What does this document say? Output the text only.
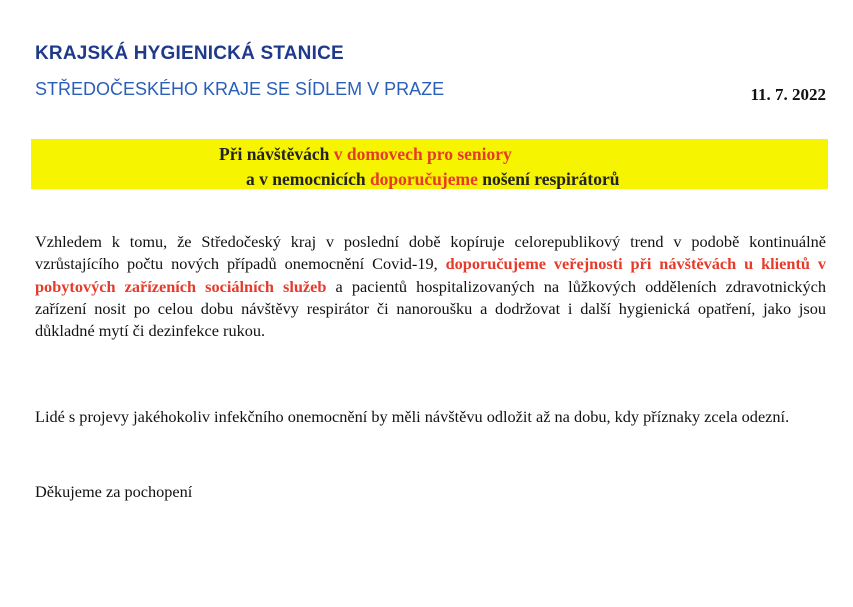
KRAJSKÁ HYGIENICKÁ STANICE

STŘEDOČESKÉHO KRAJE SE SÍDLEM V PRAZE	11. 7. 2022
Při návštěvách v domovech pro seniory
a v nemocnicích doporučujeme nošení respirátorů

Vzhledem k tomu, že Středočeský kraj v poslední době kopíruje celorepublikový trend v podobě kontinuálně vzrůstajícího počtu nových případů onemocnění Covid-19, doporučujeme veřejnosti při návštěvách u klientů v pobytových zařízeních sociálních služeb a pacientů hospitalizovaných na lůžkových odděleních zdravotnických zařízení nosit po celou dobu návštěvy respirátor či nanoroušku a dodržovat i další hygienická opatření, jako jsou důkladné mytí či dezinfekce rukou.

Lidé s projevy jakéhokoliv infekčního onemocnění by měli návštěvu odložit až na dobu, kdy příznaky zcela odezní.

Děkujeme za pochopení
